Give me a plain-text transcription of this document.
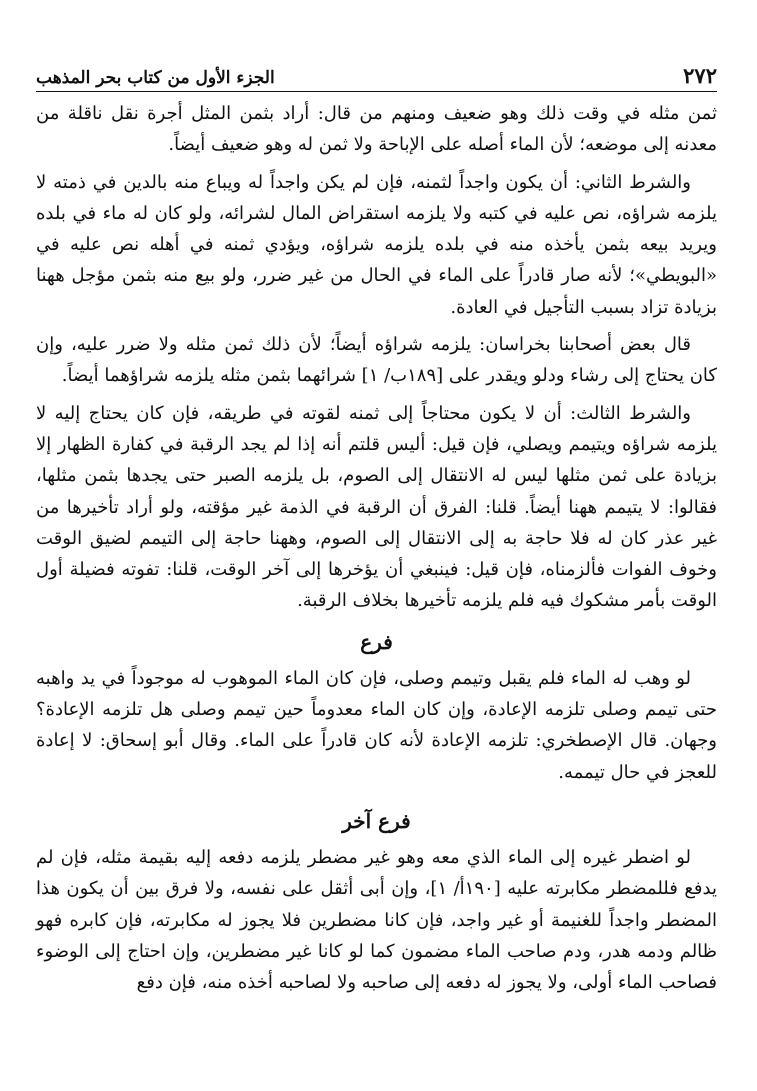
٢٧٢
الجزء الأول من كتاب بحر المذهب

ثمن مثله في وقت ذلك وهو ضعيف ومنهم من قال: أراد بثمن المثل أجرة نقل ناقلة من معدنه إلى موضعه؛ لأن الماء أصله على الإباحة ولا ثمن له وهو ضعيف أيضاً.

والشرط الثاني: أن يكون واجداً لثمنه، فإن لم يكن واجداً له ويباع منه بالدين في ذمته لا يلزمه شراؤه، نص عليه في كتبه ولا يلزمه استقراض المال لشرائه، ولو كان له ماء في بلده ويريد بيعه بثمن يأخذه منه في بلده يلزمه شراؤه، ويؤدي ثمنه في أهله نص عليه في «البويطي»؛ لأنه صار قادراً على الماء في الحال من غير ضرر، ولو بيع منه بثمن مؤجل ههنا بزيادة تزاد بسبب التأجيل في العادة.

قال بعض أصحابنا بخراسان: يلزمه شراؤه أيضاً؛ لأن ذلك ثمن مثله ولا ضرر عليه، وإن كان يحتاج إلى رشاء ودلو ويقدر على [١٨٩ب/ ١] شرائهما بثمن مثله يلزمه شراؤهما أيضاً.

والشرط الثالث: أن لا يكون محتاجاً إلى ثمنه لقوته في طريقه، فإن كان يحتاج إليه لا يلزمه شراؤه ويتيمم ويصلي، فإن قيل: أليس قلتم أنه إذا لم يجد الرقبة في كفارة الظهار إلا بزيادة على ثمن مثلها ليس له الانتقال إلى الصوم، بل يلزمه الصبر حتى يجدها بثمن مثلها، فقالوا: لا يتيمم ههنا أيضاً. قلنا: الفرق أن الرقبة في الذمة غير مؤقته، ولو أراد تأخيرها من غير عذر كان له فلا حاجة به إلى الانتقال إلى الصوم، وههنا حاجة إلى التيمم لضيق الوقت وخوف الفوات فألزمناه، فإن قيل: فينبغي أن يؤخرها إلى آخر الوقت، قلنا: تفوته فضيلة أول الوقت بأمر مشكوك فيه فلم يلزمه تأخيرها بخلاف الرقبة.

فرع

لو وهب له الماء فلم يقبل وتيمم وصلى، فإن كان الماء الموهوب له موجوداً في يد واهبه حتى تيمم وصلى تلزمه الإعادة، وإن كان الماء معدوماً حين تيمم وصلى هل تلزمه الإعادة؟ وجهان. قال الإصطخري: تلزمه الإعادة لأنه كان قادراً على الماء. وقال أبو إسحاق: لا إعادة للعجز في حال تيممه.

فرع آخر

لو اضطر غيره إلى الماء الذي معه وهو غير مضطر يلزمه دفعه إليه بقيمة مثله، فإن لم يدفع فللمضطر مكابرته عليه [١٩٠أ/ ١]، وإن أبى أثقل على نفسه، ولا فرق بين أن يكون هذا المضطر واجداً للغنيمة أو غير واجد، فإن كانا مضطرين فلا يجوز له مكابرته، فإن كابره فهو ظالم ودمه هدر، ودم صاحب الماء مضمون كما لو كانا غير مضطرين، وإن احتاج إلى الوضوء فصاحب الماء أولى، ولا يجوز له دفعه إلى صاحبه ولا لصاحبه أخذه منه، فإن دفع
